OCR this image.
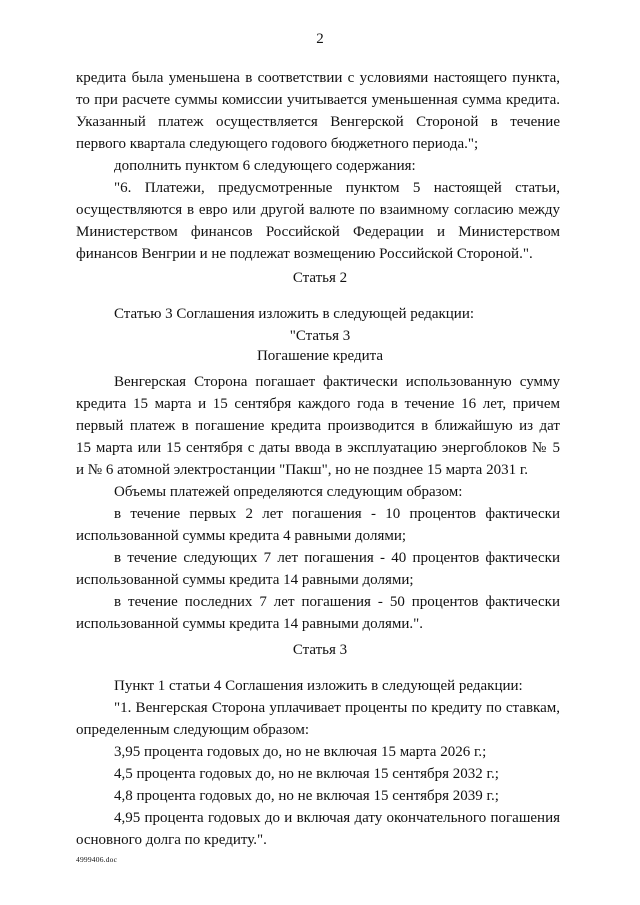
2
кредита была уменьшена в соответствии с условиями настоящего пункта,
то при расчете суммы комиссии учитывается уменьшенная сумма кредита.
Указанный платеж осуществляется Венгерской Стороной в течение
первого квартала следующего годового бюджетного периода.";
дополнить пунктом 6 следующего содержания:
"6. Платежи, предусмотренные пунктом 5 настоящей статьи,
осуществляются в евро или другой валюте по взаимному согласию между
Министерством финансов Российской Федерации и Министерством
финансов Венгрии и не подлежат возмещению Российской Стороной.".
Статья 2
Статью 3 Соглашения изложить в следующей редакции:
"Статья 3
Погашение кредита
Венгерская Сторона погашает фактически использованную сумму
кредита 15 марта и 15 сентября каждого года в течение 16 лет, причем
первый платеж в погашение кредита производится в ближайшую из дат
15 марта или 15 сентября с даты ввода в эксплуатацию энергоблоков № 5
и № 6 атомной электростанции "Пакш", но не позднее 15 марта 2031 г.
Объемы платежей определяются следующим образом:
в течение первых 2 лет погашения - 10 процентов фактически
использованной суммы кредита 4 равными долями;
в течение следующих 7 лет погашения - 40 процентов фактически
использованной суммы кредита 14 равными долями;
в течение последних 7 лет погашения - 50 процентов фактически
использованной суммы кредита 14 равными долями.".
Статья 3
Пункт 1 статьи 4 Соглашения изложить в следующей редакции:
"1. Венгерская Сторона уплачивает проценты по кредиту по ставкам,
определенным следующим образом:
3,95 процента годовых до, но не включая 15 марта 2026 г.;
4,5 процента годовых до, но не включая 15 сентября 2032 г.;
4,8 процента годовых до, но не включая 15 сентября 2039 г.;
4,95 процента годовых до и включая дату окончательного погашения
основного долга по кредиту.".
4999406.doc
